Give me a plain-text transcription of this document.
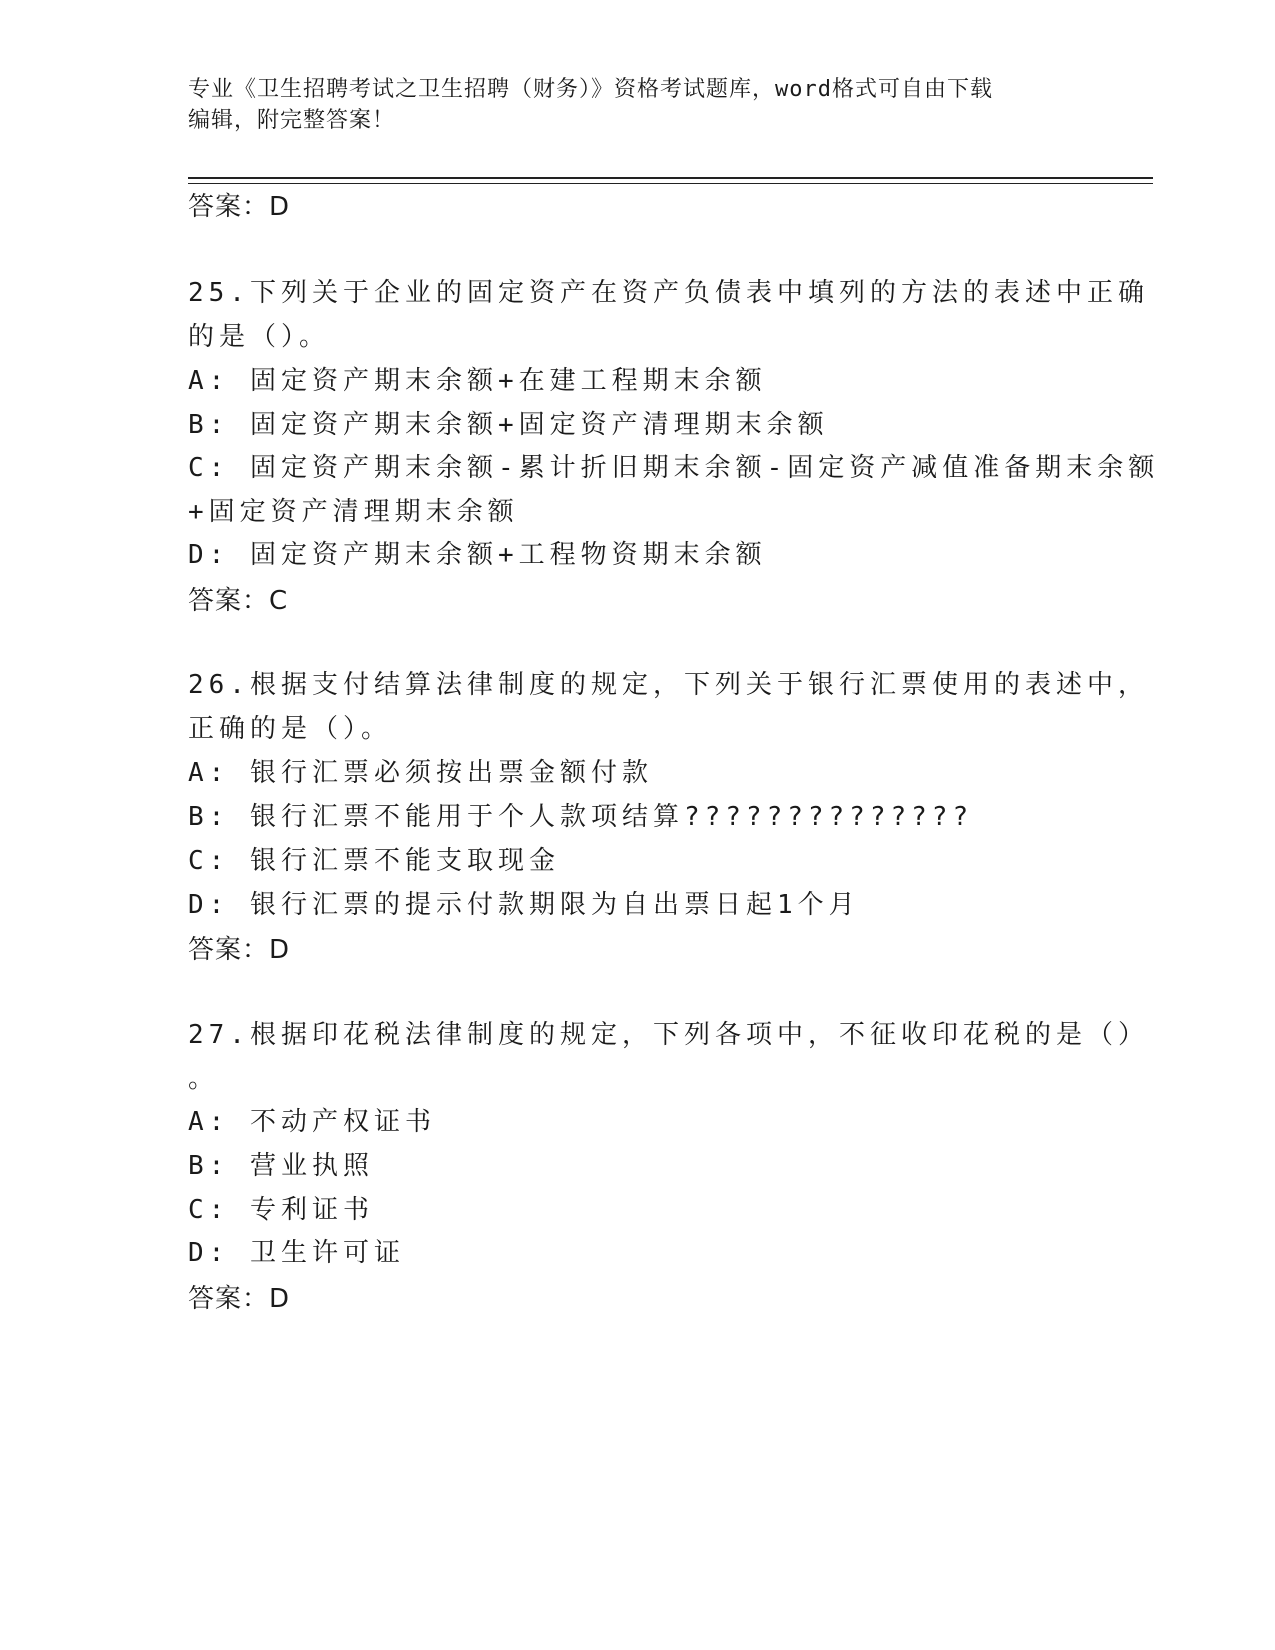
专业《卫生招聘考试之卫生招聘（财务）》资格考试题库，word格式可自由下载
编辑，附完整答案！
答案：D
25.下列关于企业的固定资产在资产负债表中填列的方法的表述中正确
的是（）。
A: 固定资产期末余额+在建工程期末余额
B: 固定资产期末余额+固定资产清理期末余额
C: 固定资产期末余额-累计折旧期末余额-固定资产减值准备期末余额
+固定资产清理期末余额
D: 固定资产期末余额+工程物资期末余额
答案：C
26.根据支付结算法律制度的规定，下列关于银行汇票使用的表述中，
正确的是（）。
A: 银行汇票必须按出票金额付款
B: 银行汇票不能用于个人款项结算??????????????
C: 银行汇票不能支取现金
D: 银行汇票的提示付款期限为自出票日起1个月
答案：D
27.根据印花税法律制度的规定，下列各项中，不征收印花税的是（）
。
A: 不动产权证书
B: 营业执照
C: 专利证书
D: 卫生许可证
答案：D
